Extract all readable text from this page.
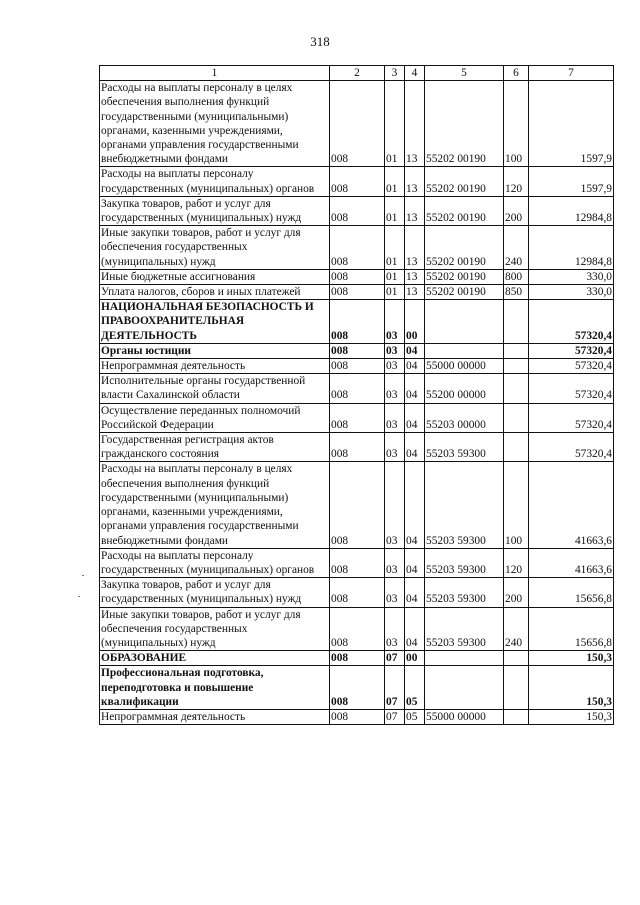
318
1	2	3	4	5	6	7
Расходы на выплаты персоналу в целях обеспечения выполнения функций государственными (муниципальными) органами, казенными учреждениями, органами управления государственными внебюджетными фондами	008	01	13	55202 00190	100	1597,9
Расходы на выплаты персоналу государственных (муниципальных) органов	008	01	13	55202 00190	120	1597,9
Закупка товаров, работ и услуг для государственных (муниципальных) нужд	008	01	13	55202 00190	200	12984,8
Иные закупки товаров, работ и услуг для обеспечения государственных (муниципальных) нужд	008	01	13	55202 00190	240	12984,8
Иные бюджетные ассигнования	008	01	13	55202 00190	800	330,0
Уплата налогов, сборов и иных платежей	008	01	13	55202 00190	850	330,0
НАЦИОНАЛЬНАЯ БЕЗОПАСНОСТЬ И ПРАВООХРАНИТЕЛЬНАЯ ДЕЯТЕЛЬНОСТЬ	008	03	00			57320,4
Органы юстиции	008	03	04			57320,4
Непрограммная деятельность	008	03	04	55000 00000		57320,4
Исполнительные органы государственной власти Сахалинской области	008	03	04	55200 00000		57320,4
Осуществление переданных полномочий Российской Федерации	008	03	04	55203 00000		57320,4
Государственная регистрация актов гражданского состояния	008	03	04	55203 59300		57320,4
Расходы на выплаты персоналу в целях обеспечения выполнения функций государственными (муниципальными) органами, казенными учреждениями, органами управления государственными внебюджетными фондами	008	03	04	55203 59300	100	41663,6
Расходы на выплаты персоналу государственных (муниципальных) органов	008	03	04	55203 59300	120	41663,6
Закупка товаров, работ и услуг для государственных (муниципальных) нужд	008	03	04	55203 59300	200	15656,8
Иные закупки товаров, работ и услуг для обеспечения государственных (муниципальных) нужд	008	03	04	55203 59300	240	15656,8
ОБРАЗОВАНИЕ	008	07	00			150,3
Профессиональная подготовка, переподготовка и повышение квалификации	008	07	05			150,3
Непрограммная деятельность	008	07	05	55000 00000		150,3
